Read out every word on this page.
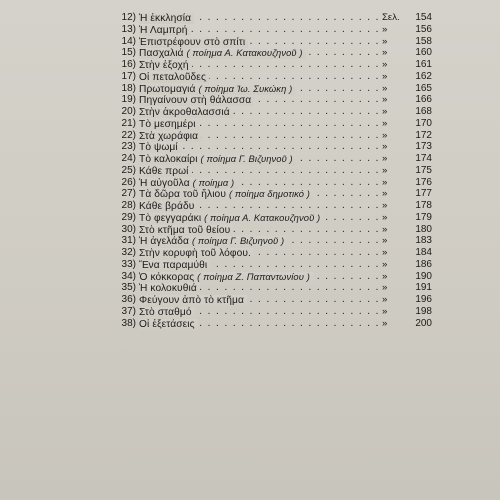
12) . . . Ἡ ἐκκλησία	Σελ.	154
13) . . . Ἡ Λαμπρή	»	156
14) . . . Ἐπιστρέφουν στὸ σπίτι	»	158
15) . . . Πασχαλιά ( ποίημα Α. Κατακουζηνοῦ )	»	160
16) . . . Στὴν ἐξοχή	»	161
17) . . . Οἱ πεταλοῦδες	»	162
18) . . . Πρωτομαγιά ( ποίημα Ἰω. Συκώκη )	»	165
19) . . . Πηγαίνουν στὴ θάλασσα	»	166
20) . . . Στὴν ἀκροθαλασσιά	»	168
21) . . . Τὸ μεσημέρι	»	170
22) . . . Στὰ χωράφια	»	172
23) . . . Τὸ ψωμί	»	173
24) . . . Τὸ καλοκαίρι ( ποίημα Γ. Βιζυηνοῦ )	»	174
25) . . . Κάθε πρωί	»	175
26) . . . Ἡ αὐγοῦλα ( ποίημα )	»	176
27) . . . Τὰ δῶρα τοῦ ἥλιου ( ποίημα δημοτικό )	»	177
28) . . . Κάθε βράδυ	»	178
29) . . . Τὸ φεγγαράκι ( ποίημα Α. Κατακουζηνοῦ )	»	179
30) . . . Στὸ κτῆμα τοῦ θείου	»	180
31) . . . Ἡ ἀγελάδα ( ποίημα Γ. Βιζυηνοῦ )	»	183
32) . . . Στὴν κορυφὴ τοῦ λόφου.	»	184
33) . . . Ἕνα παραμύθι	»	186
34) . . . Ὁ κόκκορας ( ποίημα Ζ. Παπαντωνίου )	»	190
35) . . . Ἡ κολοκυθιά	»	191
36) . . . Φεύγουν ἀπὸ τὸ κτῆμα	»	196
37) . . . Στὸ σταθμό	»	198
38) . . . Οἱ ἐξετάσεις	»	200
